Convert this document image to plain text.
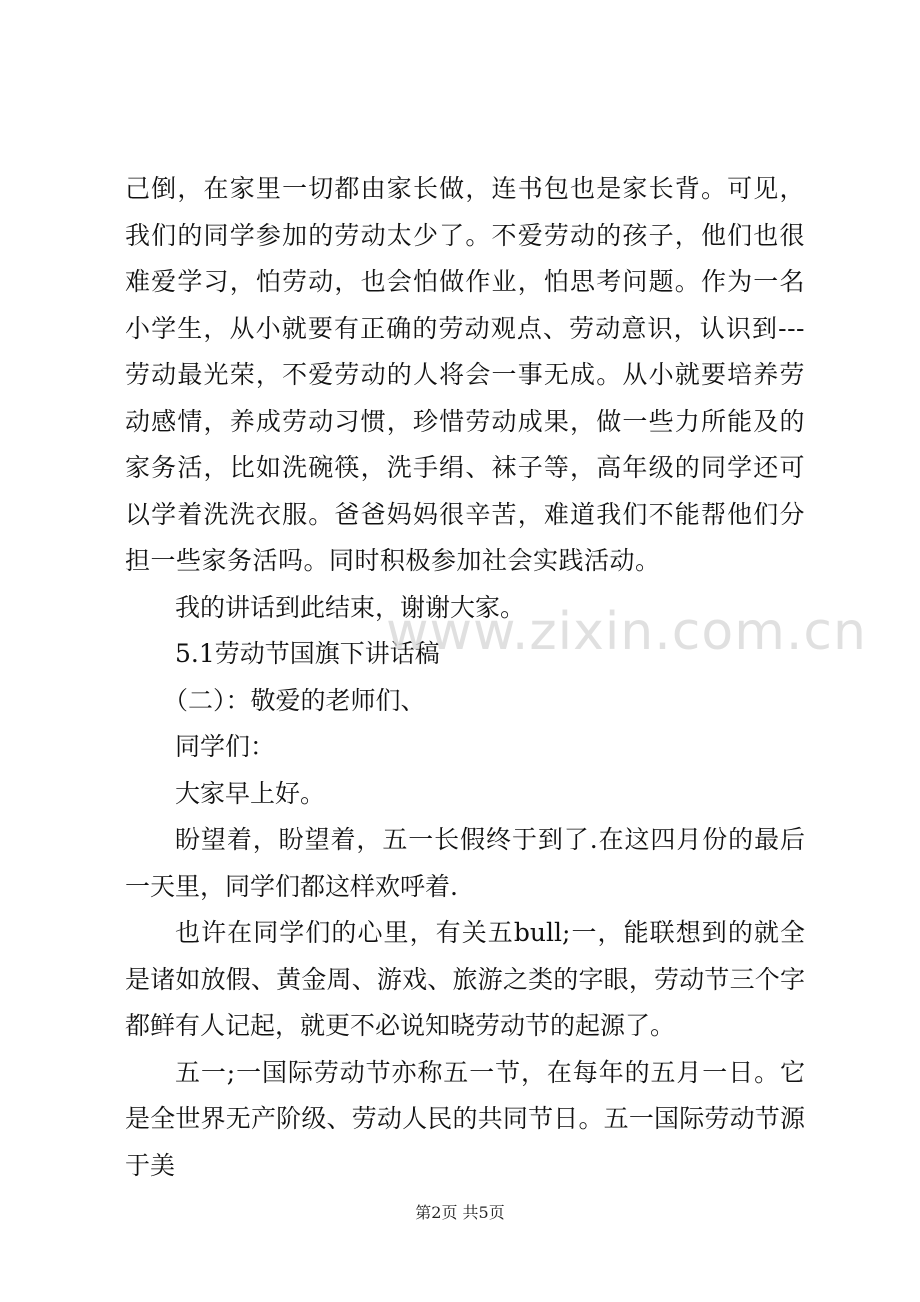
己倒，在家里一切都由家长做，连书包也是家长背。可见，我们的同学参加的劳动太少了。不爱劳动的孩子，他们也很难爱学习，怕劳动，也会怕做作业，怕思考问题。作为一名小学生，从小就要有正确的劳动观点、劳动意识，认识到---劳动最光荣，不爱劳动的人将会一事无成。从小就要培养劳动感情，养成劳动习惯，珍惜劳动成果，做一些力所能及的家务活，比如洗碗筷，洗手绢、袜子等，高年级的同学还可以学着洗洗衣服。爸爸妈妈很辛苦，难道我们不能帮他们分担一些家务活吗。同时积极参加社会实践活动。

我的讲话到此结束，谢谢大家。

5.1劳动节国旗下讲话稿

（二）：敬爱的老师们、

同学们：

大家早上好。

盼望着，盼望着，五一长假终于到了.在这四月份的最后一天里，同学们都这样欢呼着.

也许在同学们的心里，有关五bull;一，能联想到的就全是诸如放假、黄金周、游戏、旅游之类的字眼，劳动节三个字都鲜有人记起，就更不必说知晓劳动节的起源了。

五一;一国际劳动节亦称五一节，在每年的五月一日。它是全世界无产阶级、劳动人民的共同节日。五一国际劳动节源于美

www.zixin.com.cn
第2页 共5页
